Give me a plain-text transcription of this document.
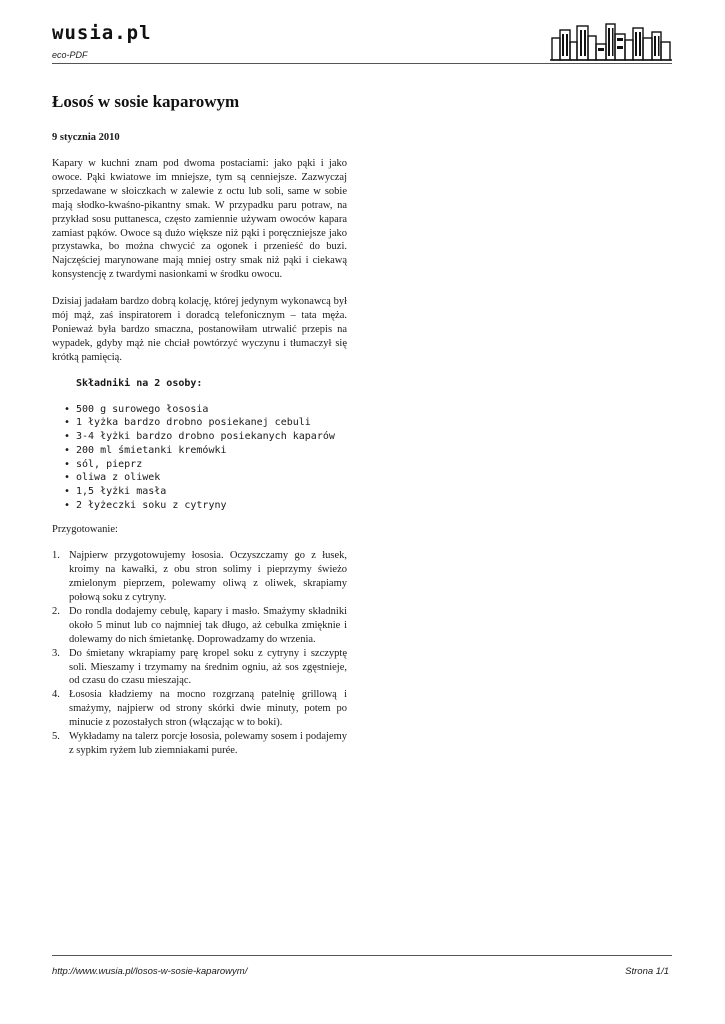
wusia.pl
eco-PDF
Łosoś w sosie kaparowym
9 stycznia 2010

Kapary w kuchni znam pod dwoma postaciami: jako pąki i jako owoce. Pąki kwiatowe im mniejsze, tym są cenniejsze. Zazwyczaj sprzedawane w słoiczkach w zalewie z octu lub soli, same w sobie mają słodko-kwaśno-pikantny smak. W przypadku paru potraw, na przykład sosu puttanesca, często zamiennie używam owoców kapara zamiast pąków. Owoce są dużo większe niż pąki i poręczniejsze jako przystawka, bo można chwycić za ogonek i przenieść do buzi. Najczęściej marynowane mają mniej ostry smak niż pąki i ciekawą konsystencję z twardymi nasionkami w środku owocu.

Dzisiaj jadałam bardzo dobrą kolację, której jedynym wykonawcą był mój mąż, zaś inspiratorem i doradcą telefonicznym – tata męża. Ponieważ była bardzo smaczna, postanowiłam utrwalić przepis na wypadek, gdyby mąż nie chciał powtórzyć wyczynu i tłumaczył się krótką pamięcią.

Składniki na 2 osoby:
• 500 g surowego łososia
• 1 łyżka bardzo drobno posiekanej cebuli
• 3-4 łyżki bardzo drobno posiekanych kaparów
• 200 ml śmietanki kremówki
• sól, pieprz
• oliwa z oliwek
• 1,5 łyżki masła
• 2 łyżeczki soku z cytryny
Przygotowanie:
Najpierw przygotowujemy łososia. Oczyszczamy go z łusek, kroimy na kawałki, z obu stron solimy i pieprzymy świeżo zmielonym pieprzem, polewamy oliwą z oliwek, skrapiamy połową soku z cytryny.
Do rondla dodajemy cebulę, kapary i masło. Smażymy składniki około 5 minut lub co najmniej tak długo, aż cebulka zmięknie i dolewamy do nich śmietankę. Doprowadzamy do wrzenia.
Do śmietany wkrapiamy parę kropel soku z cytryny i szczyptę soli. Mieszamy i trzymamy na średnim ogniu, aż sos zgęstnieje, od czasu do czasu mieszając.
Łososia kładziemy na mocno rozgrzaną patelnię grillową i smażymy, najpierw od strony skórki dwie minuty, potem po minucie z pozostałych stron (włączając w to boki).
Wykładamy na talerz porcje łososia, polewamy sosem i podajemy z sypkim ryżem lub ziemniakami purée.
http://www.wusia.pl/losos-w-sosie-kaparowym/	Strona 1/1
